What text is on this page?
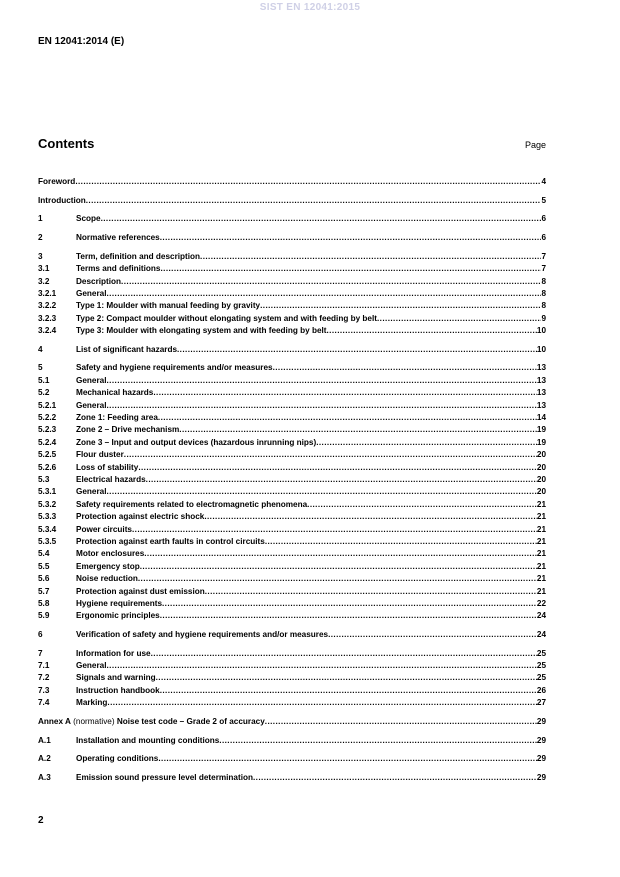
SIST EN 12041:2015
EN 12041:2014 (E)
Contents	Page
Foreword .....	4
Introduction .....	5
1	Scope .....	6
2	Normative references .....	6
3	Term, definition and description .....	7
3.1	Terms and definitions .....	7
3.2	Description .....	8
3.2.1	General .....	8
3.2.2	Type 1: Moulder with manual feeding by gravity .....	8
3.2.3	Type 2: Compact moulder without elongating system and with feeding by belt .....	9
3.2.4	Type 3: Moulder with elongating system and with feeding by belt .....	10
4	List of significant hazards .....	10
5	Safety and hygiene requirements and/or measures .....	13
5.1	General .....	13
5.2	Mechanical hazards .....	13
5.2.1	General .....	13
5.2.2	Zone 1: Feeding area .....	14
5.2.3	Zone 2 – Drive mechanism .....	19
5.2.4	Zone 3 – Input and output devices (hazardous inrunning nips) .....	19
5.2.5	Flour duster .....	20
5.2.6	Loss of stability .....	20
5.3	Electrical hazards .....	20
5.3.1	General .....	20
5.3.2	Safety requirements related to electromagnetic phenomena .....	21
5.3.3	Protection against electric shock .....	21
5.3.4	Power circuits .....	21
5.3.5	Protection against earth faults in control circuits .....	21
5.4	Motor enclosures .....	21
5.5	Emergency stop .....	21
5.6	Noise reduction .....	21
5.7	Protection against dust emission .....	21
5.8	Hygiene requirements .....	22
5.9	Ergonomic principles .....	24
6	Verification of safety and hygiene requirements and/or measures .....	24
7	Information for use .....	25
7.1	General .....	25
7.2	Signals and warning .....	25
7.3	Instruction handbook .....	26
7.4	Marking .....	27
Annex A (normative) Noise test code – Grade 2 of accuracy .....	29
A.1	Installation and mounting conditions .....	29
A.2	Operating conditions .....	29
A.3	Emission sound pressure level determination .....	29
2
